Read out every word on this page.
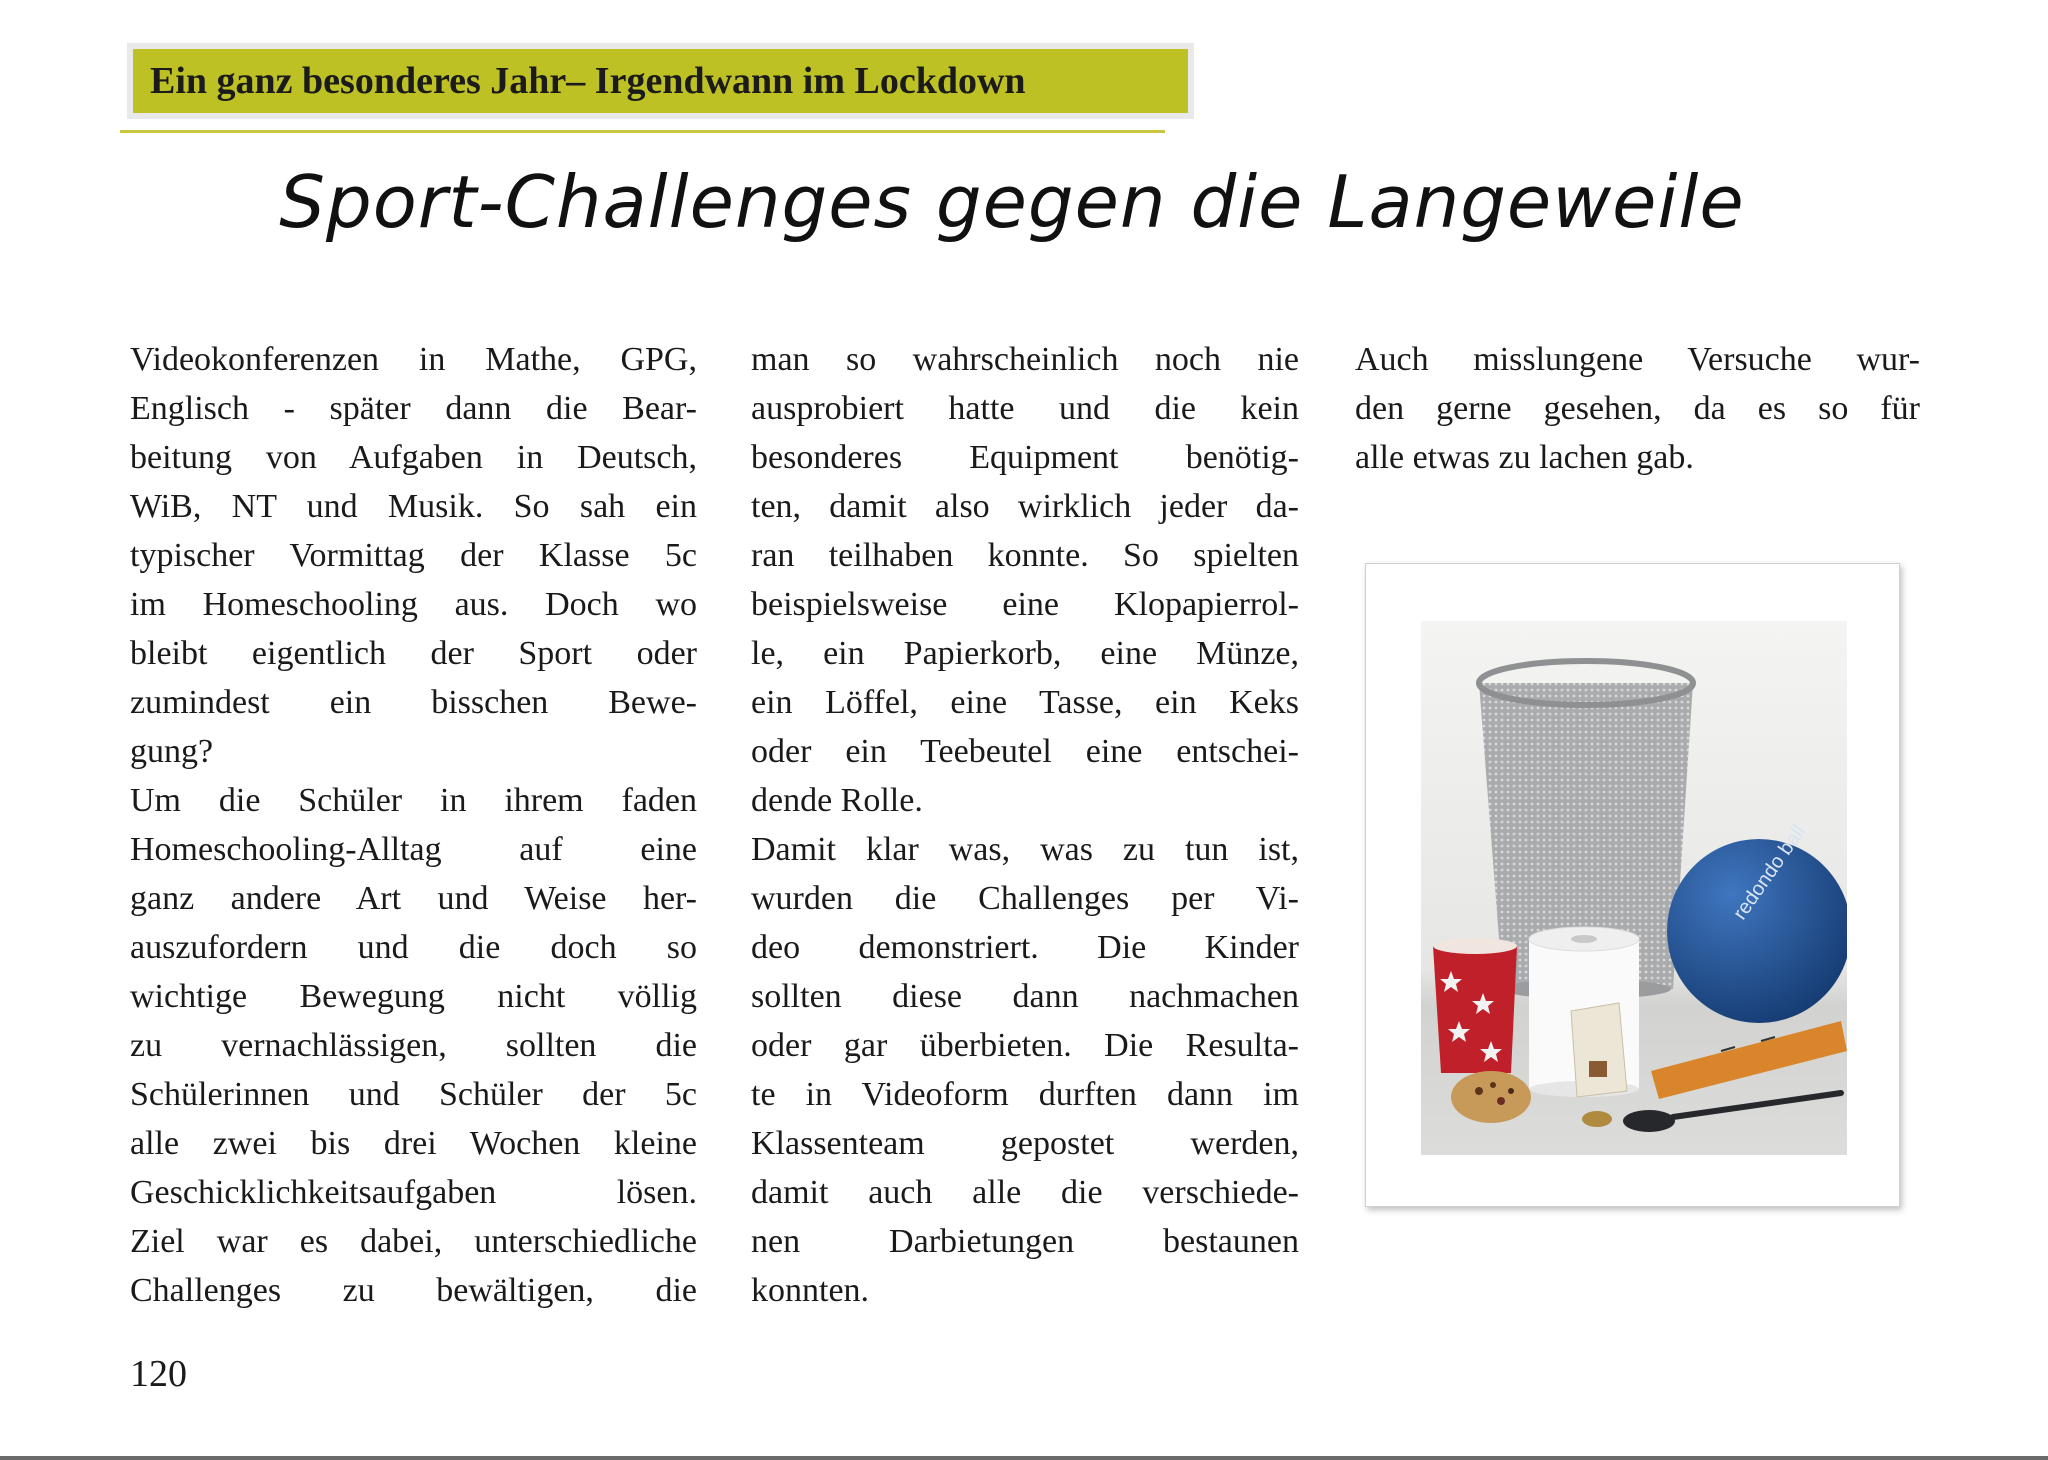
Ein ganz besonderes Jahr– Irgendwann im Lockdown
Sport-Challenges gegen die Langeweile

Videokonferenzen in Mathe, GPG,

Englisch - später dann die Bear-

beitung von Aufgaben in Deutsch,

WiB, NT und Musik. So sah ein

typischer Vormittag der Klasse 5c

im Homeschooling aus. Doch wo

bleibt eigentlich der Sport oder

zumindest ein bisschen Bewe-

gung?

Um die Schüler in ihrem faden

Homeschooling-Alltag auf eine

ganz andere Art und Weise her-

auszufordern und die doch so

wichtige Bewegung nicht völlig

zu vernachlässigen, sollten die

Schülerinnen und Schüler der 5c

alle zwei bis drei Wochen kleine

Geschicklichkeitsaufgaben lösen.

Ziel war es dabei, unterschiedliche

Challenges zu bewältigen, die

man so wahrscheinlich noch nie

ausprobiert hatte und die kein

besonderes Equipment benötig-

ten, damit also wirklich jeder da-

ran teilhaben konnte. So spielten

beispielsweise eine Klopapierrol-

le, ein Papierkorb, eine Münze,

ein Löffel, eine Tasse, ein Keks

oder ein Teebeutel eine entschei-

dende Rolle.

Damit klar was, was zu tun ist,

wurden die Challenges per Vi-

deo demonstriert. Die Kinder

sollten diese dann nachmachen

oder gar überbieten. Die Resulta-

te in Videoform durften dann im

Klassenteam gepostet werden,

damit auch alle die verschiede-

nen Darbietungen bestaunen

konnten.

Auch misslungene Versuche wur-

den gerne gesehen, da es so für

alle etwas zu lachen gab.

redondo ball
120
